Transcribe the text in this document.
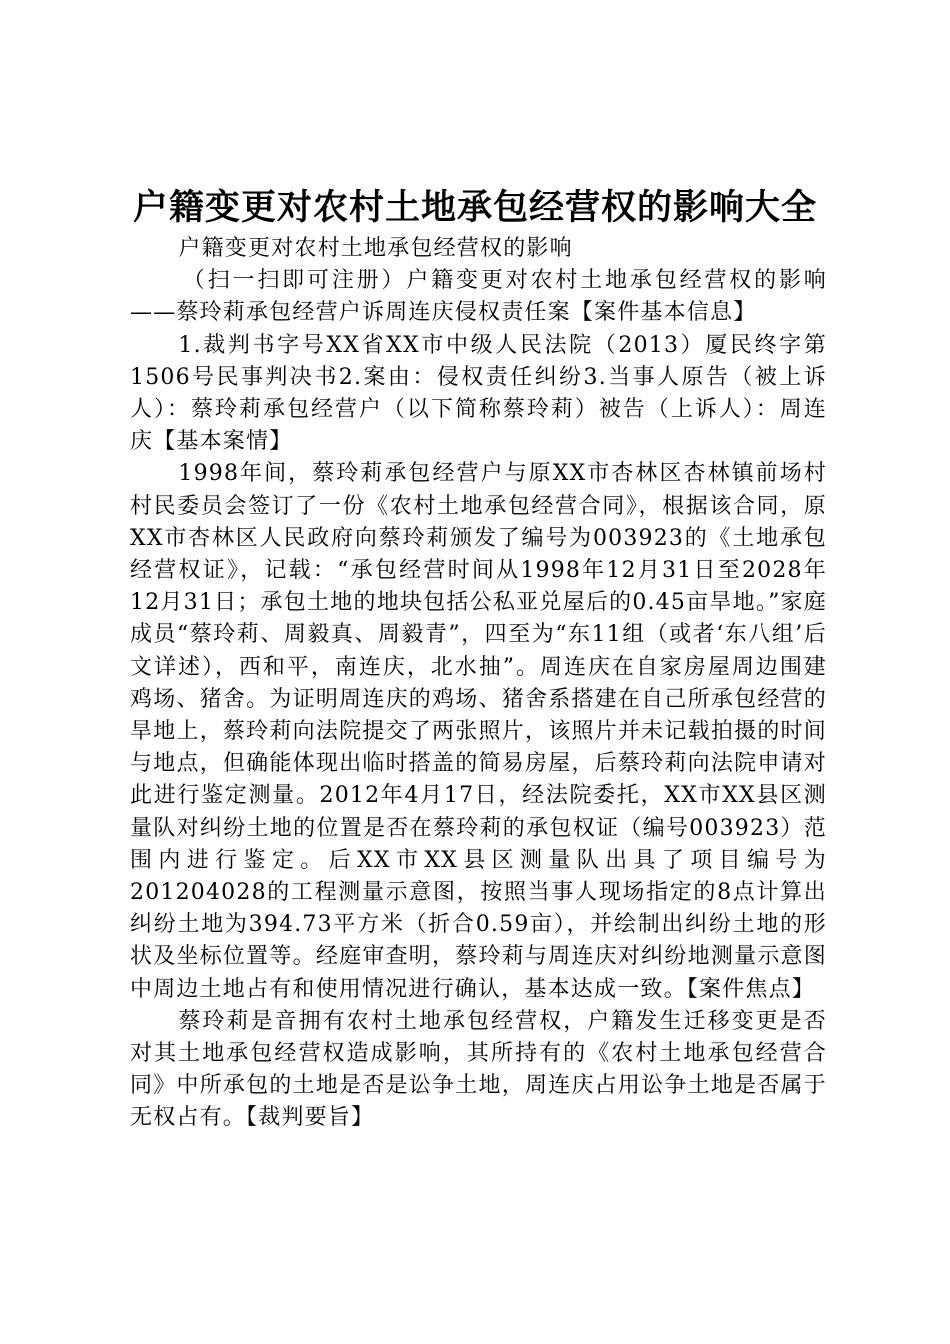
户籍变更对农村土地承包经营权的影响大全

户籍变更对农村土地承包经营权的影响

（扫一扫即可注册）户籍变更对农村土地承包经营权的影响——蔡玲莉承包经营户诉周连庆侵权责任案【案件基本信息】

1.裁判书字号XX省XX市中级人民法院（2013）厦民终字第1506号民事判决书2.案由：侵权责任纠纷3.当事人原告（被上诉人）：蔡玲莉承包经营户（以下简称蔡玲莉）被告（上诉人）：周连庆【基本案情】

1998年间，蔡玲莉承包经营户与原XX市杏林区杏林镇前场村村民委员会签订了一份《农村土地承包经营合同》，根据该合同，原XX市杏林区人民政府向蔡玲莉颁发了编号为003923的《土地承包经营权证》，记载：“承包经营时间从1998年12月31日至2028年12月31日；承包土地的地块包括公私亚兑屋后的0.45亩旱地。”家庭成员“蔡玲莉、周毅真、周毅青”，四至为“东11组（或者‘东八组’后文详述），西和平，南连庆，北水抽”。周连庆在自家房屋周边围建鸡场、猪舍。为证明周连庆的鸡场、猪舍系搭建在自己所承包经营的旱地上，蔡玲莉向法院提交了两张照片，该照片并未记载拍摄的时间与地点，但确能体现出临时搭盖的简易房屋，后蔡玲莉向法院申请对此进行鉴定测量。2012年4月17日，经法院委托，XX市XX县区测量队对纠纷土地的位置是否在蔡玲莉的承包权证（编号003923）范围内进行鉴定。后XX市XX县区测量队出具了项目编号为201204028的工程测量示意图，按照当事人现场指定的8点计算出纠纷土地为394.73平方米（折合0.59亩），并绘制出纠纷土地的形状及坐标位置等。经庭审查明，蔡玲莉与周连庆对纠纷地测量示意图中周边土地占有和使用情况进行确认，基本达成一致。【案件焦点】

蔡玲莉是音拥有农村土地承包经营权，户籍发生迁移变更是否对其土地承包经营权造成影响，其所持有的《农村土地承包经营合同》中所承包的土地是否是讼争土地，周连庆占用讼争土地是否属于无权占有。【裁判要旨】
